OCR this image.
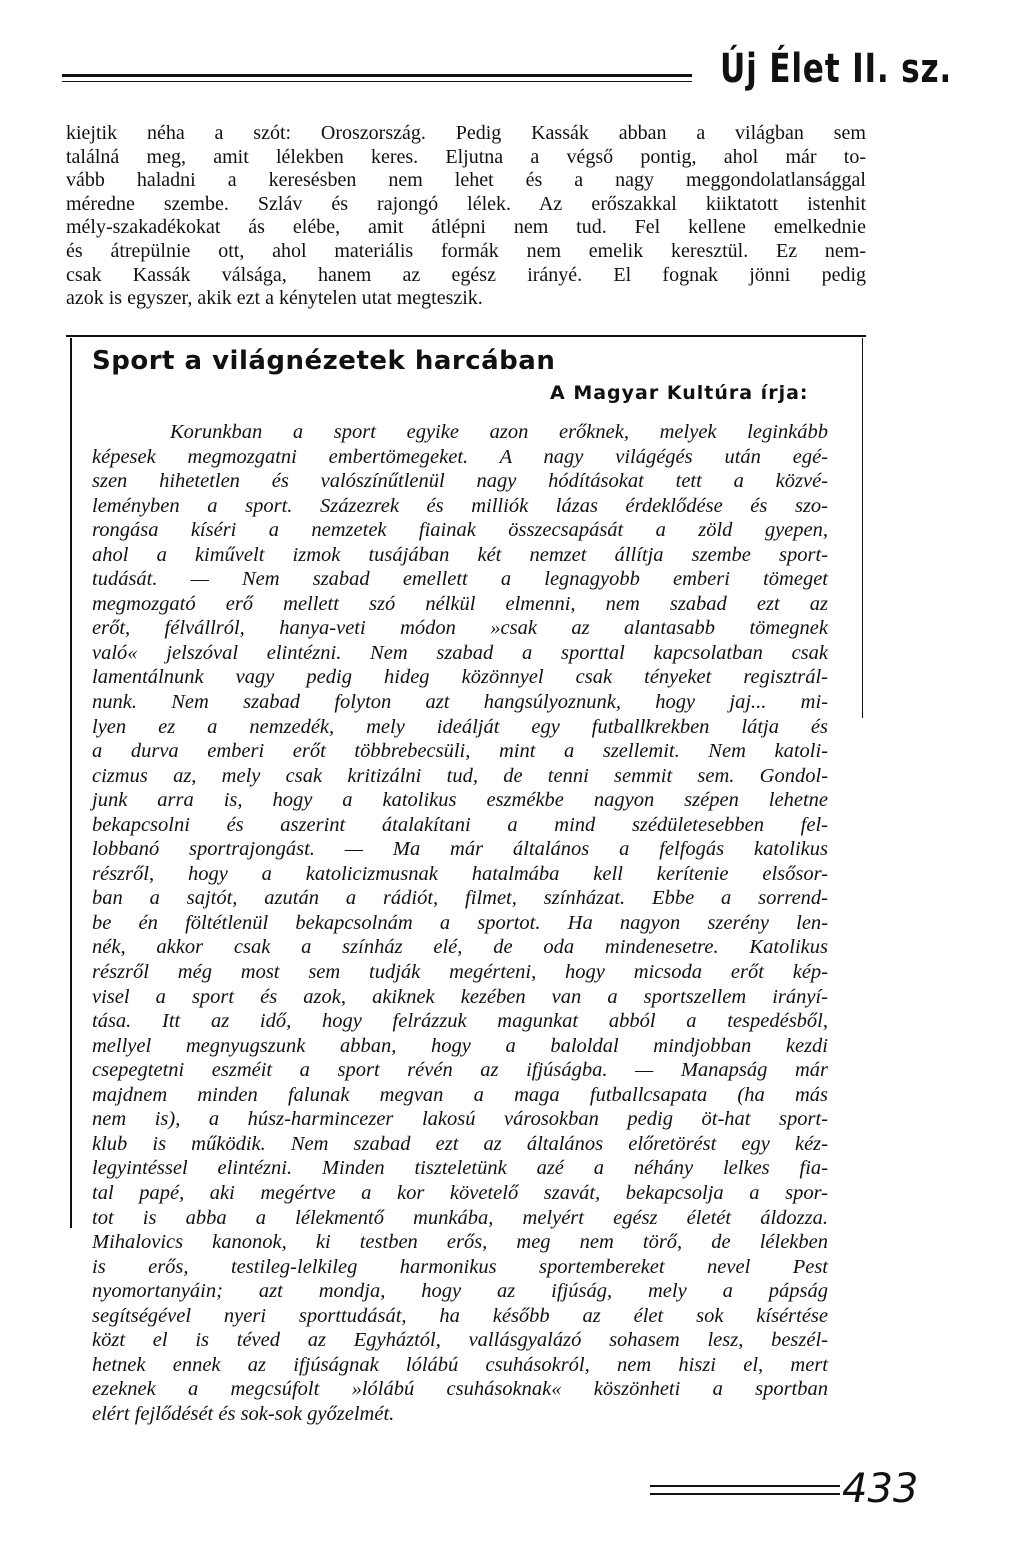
Új Élet II. sz.
kiejtik néha a szót: Oroszország. Pedig Kassák abban a világban sem
találná meg, amit lélekben keres. Eljutna a végső pontig, ahol már to-
vább haladni a keresésben nem lehet és a nagy meggondolatlansággal
méredne szembe. Szláv és rajongó lélek. Az erőszakkal kiiktatott istenhit
mély-szakadékokat ás elébe, amit átlépni nem tud. Fel kellene emelkednie
és átrepülnie ott, ahol materiális formák nem emelik keresztül. Ez nem-
csak Kassák válsága, hanem az egész irányé. El fognak jönni pedig
azok is egyszer, akik ezt a kénytelen utat megteszik.
Sport a világnézetek harcában
A Magyar Kultúra írja:
Korunkban a sport egyike azon erőknek, melyek leginkább
képesek megmozgatni embertömegeket. A nagy világégés után egé-
szen hihetetlen és valószínűtlenül nagy hódításokat tett a közvé-
leményben a sport. Százezrek és milliók lázas érdeklődése és szo-
rongása kíséri a nemzetek fiainak összecsapását a zöld gyepen,
ahol a kiművelt izmok tusájában két nemzet állítja szembe sport-
tudását. — Nem szabad emellett a legnagyobb emberi tömeget
megmozgató erő mellett szó nélkül elmenni, nem szabad ezt az
erőt, félvállról, hanyа-veti módon »csak az alantasabb tömegnek
való« jelszóval elintézni. Nem szabad a sporttal kapcsolatban csak
lamentálnunk vagy pedig hideg közönnyel csak tényeket regisztrál-
nunk. Nem szabad folyton azt hangsúlyoznunk, hogy jaj... mi-
lyen ez a nemzedék, mely ideálját egy futballkrekben látja és
a durva emberi erőt többrebecsüli, mint a szellemit. Nem katoli-
cizmus az, mely csak kritizálni tud, de tenni semmit sem. Gondol-
junk arra is, hogy a katolikus eszmékbe nagyon szépen lehetne
bekapcsolni és aszerint átalakítani a mind szédületesebben fel-
lobbanó sportrajongást. — Ma már általános a felfogás katolikus
részről, hogy a katolicizmusnak hatalmába kell kerítenie elsősor-
ban a sajtót, azután a rádiót, filmet, színházat. Ebbe a sorrend-
be én föltétlenül bekapcsolnám a sportot. Ha nagyon szerény len-
nék, akkor csak a színház elé, de oda mindenesetre. Katolikus
részről még most sem tudják megérteni, hogy micsoda erőt kép-
visel a sport és azok, akiknek kezében van a sportszellem irányí-
tása. Itt az idő, hogy felrázzuk magunkat abból a tespedésből,
mellyel megnyugszunk abban, hogy a baloldal mindjobban kezdi
csepegtetni eszméit a sport révén az ifjúságba. — Manapság már
majdnem minden falunak megvan a maga futballcsapata (ha más
nem is), a húsz-harmincezer lakosú városokban pedig öt-hat sport-
klub is működik. Nem szabad ezt az általános előretörést egy kéz-
legyintéssel elintézni. Minden tiszteletünk azé a néhány lelkes fia-
tal papé, aki megértve a kor követelő szavát, bekapcsolja a spor-
tot is abba a lélekmentő munkába, melyért egész életét áldozza.
Mihalovics kanonok, ki testben erős, meg nem törő, de lélekben
is erős, testileg-lelkileg harmonikus sportembereket nevel Pest
nyomortanyáin; azt mondja, hogy az ifjúság, mely a pápság
segítségével nyeri sporttudását, ha később az élet sok kísértése
közt el is téved az Egyháztól, vallásgyalázó sohasem lesz, beszél-
hetnek ennek az ifjúságnak lólábú csuhásokról, nem hiszi el, mert
ezeknek a megcsúfolt »lólábú csuhásoknak« köszönheti a sportban
elért fejlődését és sok-sok győzelmét.
433
